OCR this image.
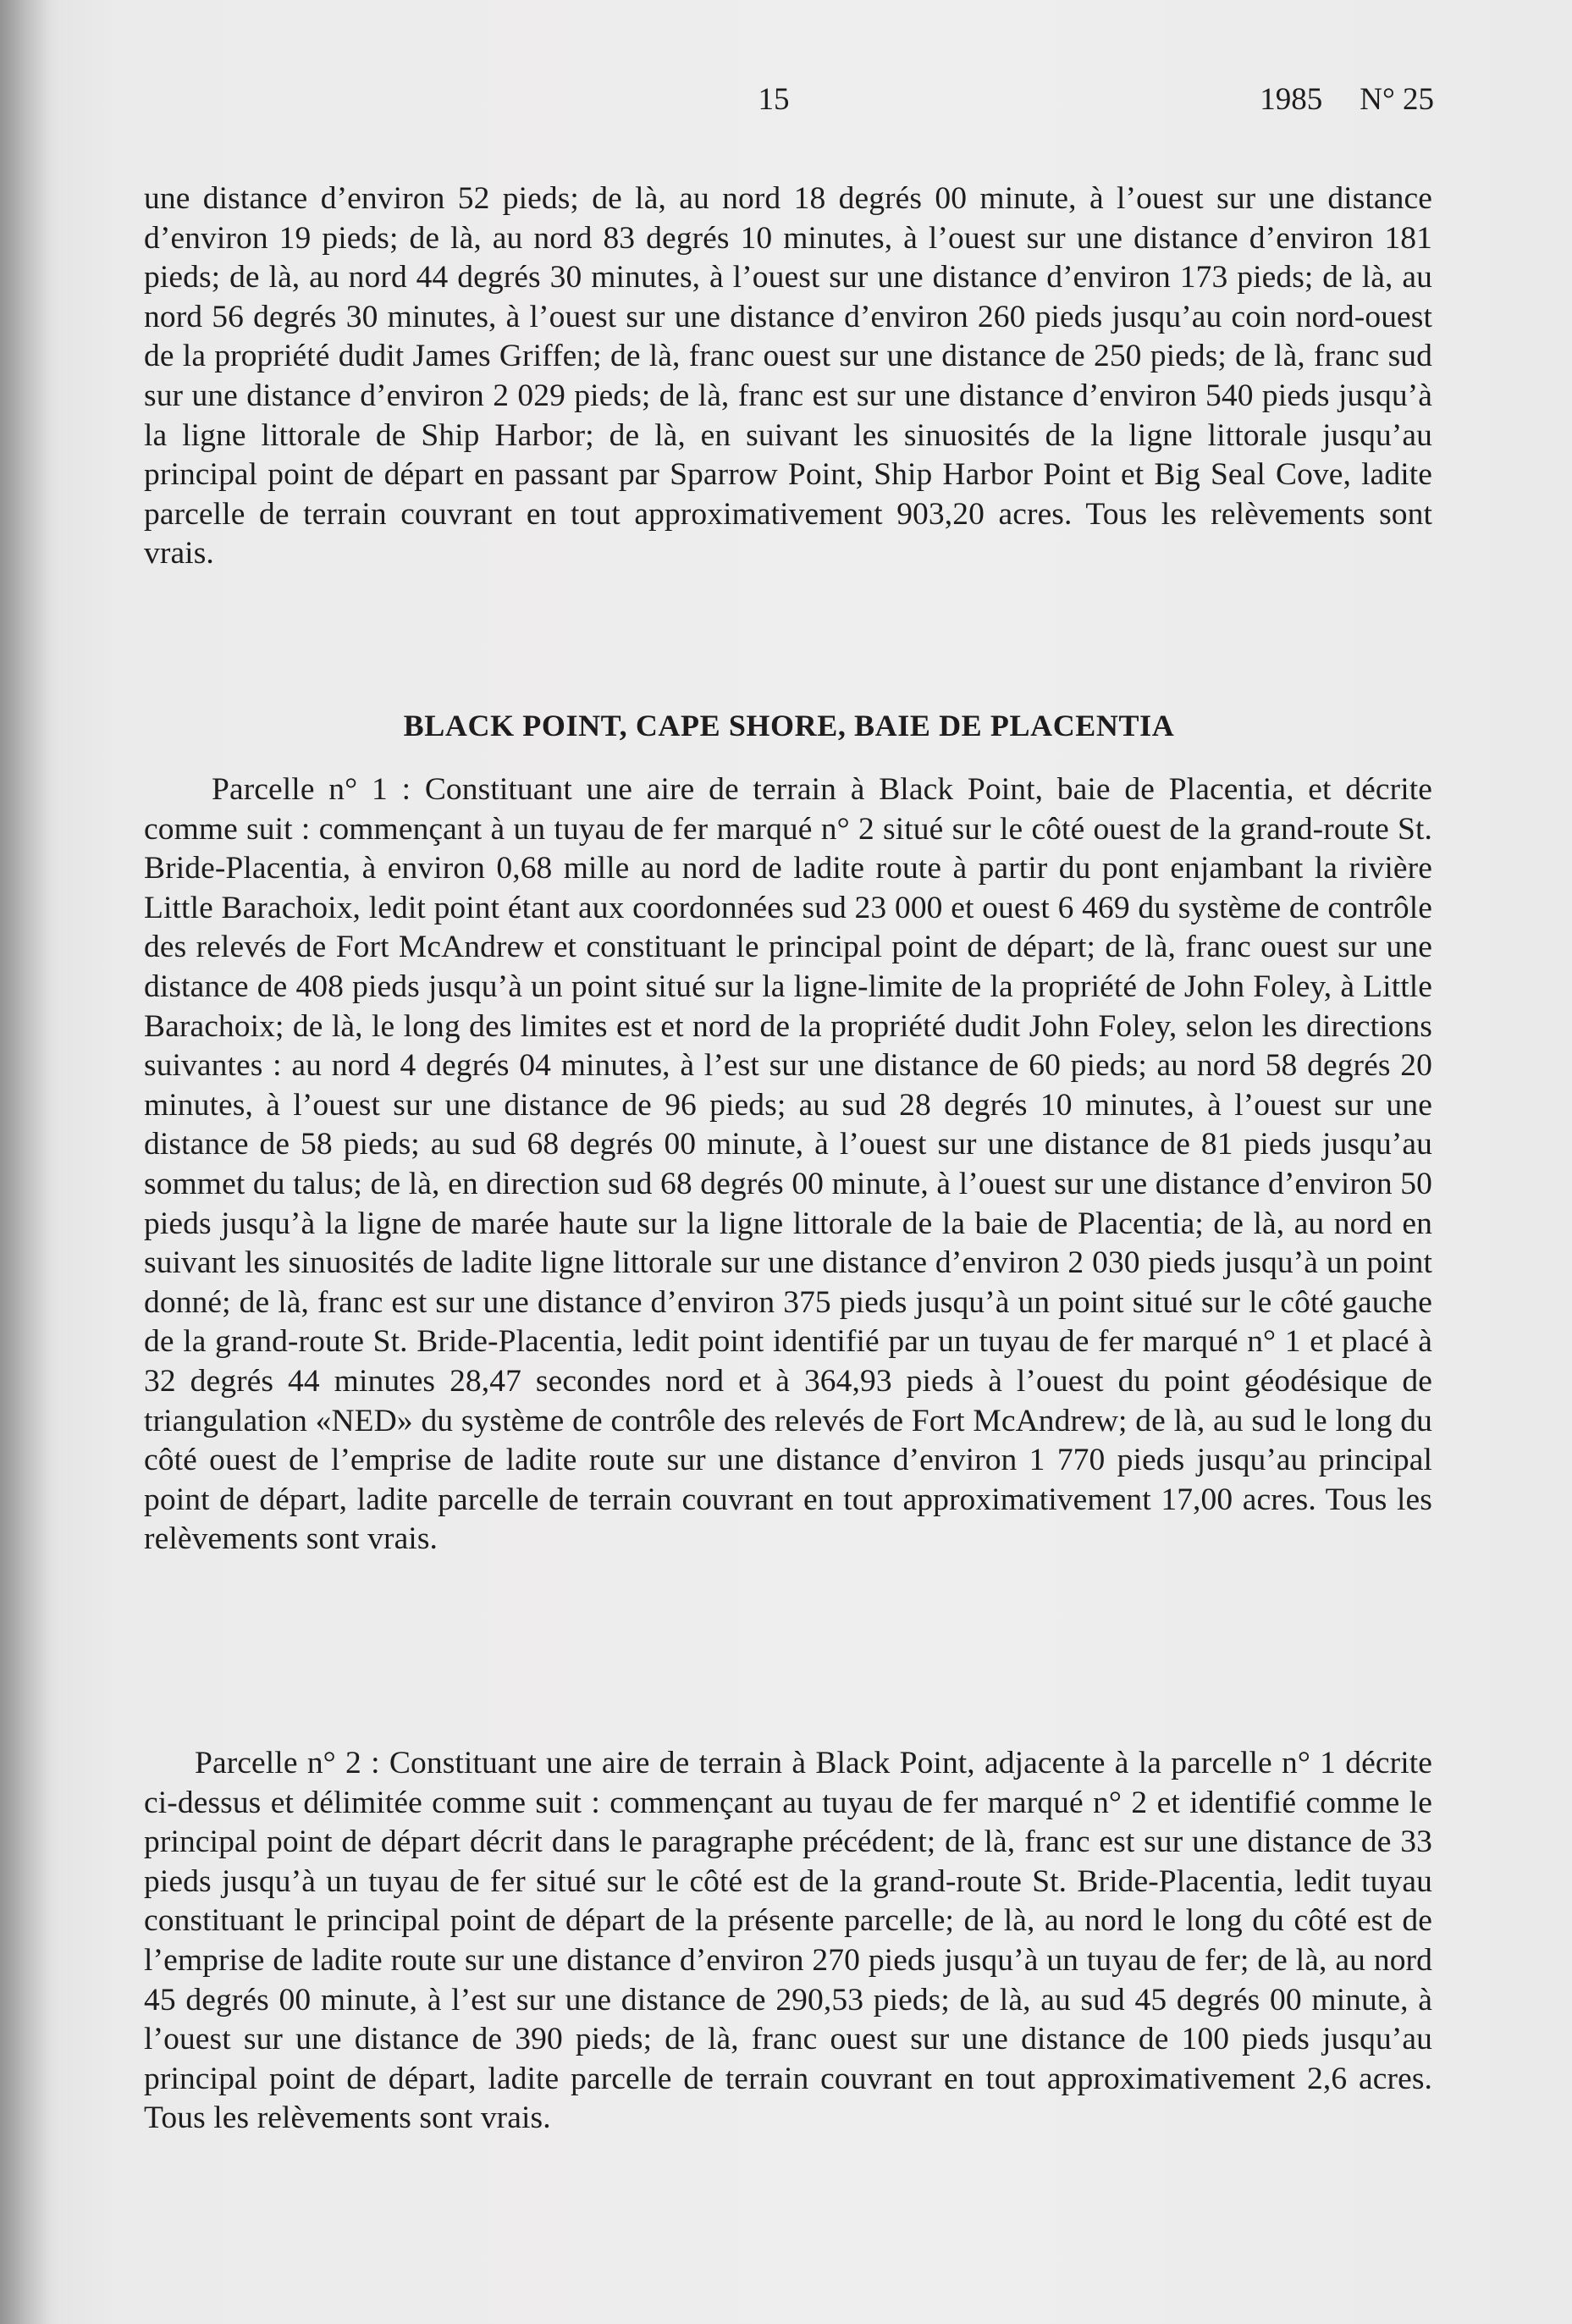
15	1985 N° 25

une distance d’environ 52 pieds; de là, au nord 18 degrés 00 minute, à l’ouest sur une distance d’environ 19 pieds; de là, au nord 83 degrés 10 minutes, à l’ouest sur une distance d’environ 181 pieds; de là, au nord 44 degrés 30 minutes, à l’ouest sur une distance d’environ 173 pieds; de là, au nord 56 degrés 30 minutes, à l’ouest sur une distance d’environ 260 pieds jusqu’au coin nord-ouest de la propriété dudit James Griffen; de là, franc ouest sur une distance de 250 pieds; de là, franc sud sur une distance d’environ 2 029 pieds; de là, franc est sur une distance d’environ 540 pieds jusqu’à la ligne littorale de Ship Harbor; de là, en suivant les sinuosités de la ligne littorale jusqu’au principal point de départ en passant par Sparrow Point, Ship Harbor Point et Big Seal Cove, ladite parcelle de terrain couvrant en tout approximativement 903,20 acres. Tous les relèvements sont vrais.

BLACK POINT, CAPE SHORE, BAIE DE PLACENTIA

Parcelle n° 1 : Constituant une aire de terrain à Black Point, baie de Placentia, et décrite comme suit : commençant à un tuyau de fer marqué n° 2 situé sur le côté ouest de la grand-route St. Bride-Placentia, à environ 0,68 mille au nord de ladite route à partir du pont enjambant la rivière Little Barachoix, ledit point étant aux coordonnées sud 23 000 et ouest 6 469 du système de contrôle des relevés de Fort McAndrew et constituant le principal point de départ; de là, franc ouest sur une distance de 408 pieds jusqu’à un point situé sur la ligne-limite de la propriété de John Foley, à Little Barachoix; de là, le long des limites est et nord de la propriété dudit John Foley, selon les directions suivantes : au nord 4 degrés 04 minutes, à l’est sur une distance de 60 pieds; au nord 58 degrés 20 minutes, à l’ouest sur une distance de 96 pieds; au sud 28 degrés 10 minutes, à l’ouest sur une distance de 58 pieds; au sud 68 degrés 00 minute, à l’ouest sur une distance de 81 pieds jusqu’au sommet du talus; de là, en direction sud 68 degrés 00 minute, à l’ouest sur une distance d’environ 50 pieds jusqu’à la ligne de marée haute sur la ligne littorale de la baie de Placentia; de là, au nord en suivant les sinuosités de ladite ligne littorale sur une distance d’environ 2 030 pieds jusqu’à un point donné; de là, franc est sur une distance d’environ 375 pieds jusqu’à un point situé sur le côté gauche de la grand-route St. Bride-Placentia, ledit point identifié par un tuyau de fer marqué n° 1 et placé à 32 degrés 44 minutes 28,47 secondes nord et à 364,93 pieds à l’ouest du point géodésique de triangulation «NED» du système de contrôle des relevés de Fort McAndrew; de là, au sud le long du côté ouest de l’emprise de ladite route sur une distance d’environ 1 770 pieds jusqu’au principal point de départ, ladite parcelle de terrain couvrant en tout approximativement 17,00 acres. Tous les relèvements sont vrais.

Parcelle n° 2 : Constituant une aire de terrain à Black Point, adjacente à la parcelle n° 1 décrite ci-dessus et délimitée comme suit : commençant au tuyau de fer marqué n° 2 et identifié comme le principal point de départ décrit dans le paragraphe précédent; de là, franc est sur une distance de 33 pieds jusqu’à un tuyau de fer situé sur le côté est de la grand-route St. Bride-Placentia, ledit tuyau constituant le principal point de départ de la présente parcelle; de là, au nord le long du côté est de l’emprise de ladite route sur une distance d’environ 270 pieds jusqu’à un tuyau de fer; de là, au nord 45 degrés 00 minute, à l’est sur une distance de 290,53 pieds; de là, au sud 45 degrés 00 minute, à l’ouest sur une distance de 390 pieds; de là, franc ouest sur une distance de 100 pieds jusqu’au principal point de départ, ladite parcelle de terrain couvrant en tout approximativement 2,6 acres. Tous les relèvements sont vrais.
